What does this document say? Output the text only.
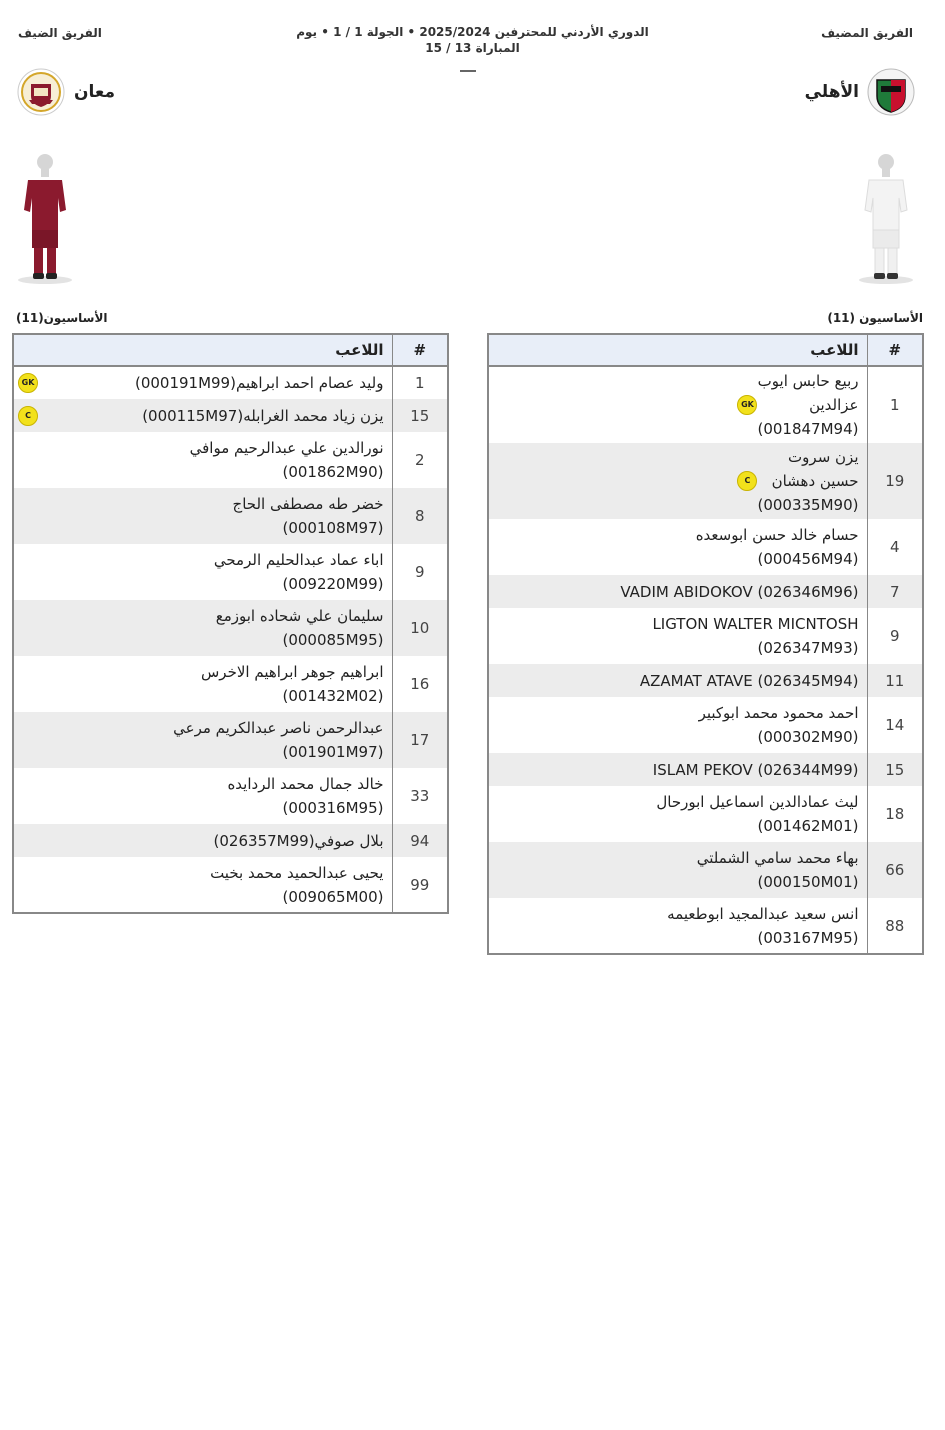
الفريق المضيف
الفريق الضيف	الدوري الأردني للمحترفين 2025/2024 • الجولة 1 / 1 • يوم
المباراة 13 / 15
الأهلي
معان
الأساسيون (11)
الأساسيون(11)
#	اللاعب
1	ربيع حابس ايوب عزالدين
(001847M94)
GK

19	يزن سروت حسين دهشان
(000335M90)
C

4	حسام خالد حسن ابوسعده
(000456M94)

7	VADIM ABIDOKOV (026346M96)

9	LIGTON WALTER MICNTOSH
(026347M93)

11	AZAMAT ATAVE (026345M94)

14	احمد محمود محمد ابوكبير
(000302M90)

15	ISLAM PEKOV (026344M99)

18	ليث عمادالدين اسماعيل ابورحال
(001462M01)

66	بهاء محمد سامي الشملتي
(000150M01)

88	انس سعيد عبدالمجيد ابوطعيمه
(003167M95)
#	اللاعب
1	وليد عصام احمد ابراهيم(000191M99)
GK

15	يزن زياد محمد الغرابله(000115M97)
C

2	نورالدين علي عبدالرحيم موافي
(001862M90)

8	خضر طه مصطفى الحاج
(000108M97)

9	اباء عماد عبدالحليم الرمحي
(009220M99)

10	سليمان علي شحاده ابوزمع
(000085M95)

16	ابراهيم جوهر ابراهيم الاخرس
(001432M02)

17	عبدالرحمن ناصر عبدالكريم مرعي
(001901M97)

33	خالد جمال محمد الردايده
(000316M95)

94	بلال صوفي(026357M99)

99	يحيى عبدالحميد محمد بخيت
(009065M00)
